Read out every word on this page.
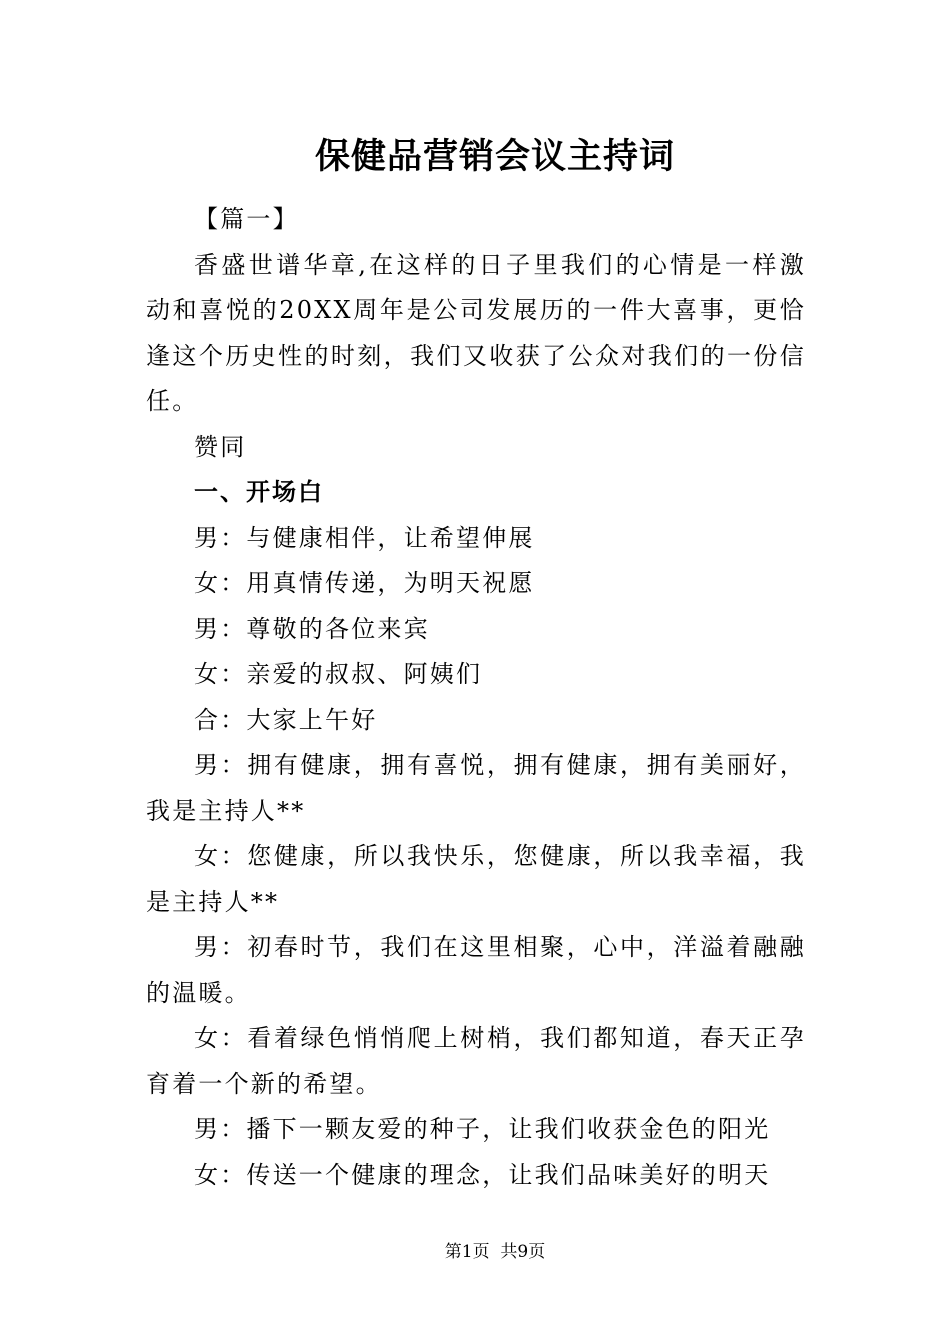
保健品营销会议主持词

【篇一】

香盛世谱华章,在这样的日子里我们的心情是一样激动和喜悦的20XX周年是公司发展历的一件大喜事，更恰逢这个历史性的时刻，我们又收获了公众对我们的一份信任。

赞同

一、开场白

男：与健康相伴，让希望伸展

女：用真情传递，为明天祝愿

男：尊敬的各位来宾

女：亲爱的叔叔、阿姨们

合：大家上午好

男：拥有健康，拥有喜悦，拥有健康，拥有美丽好，我是主持人**

女：您健康，所以我快乐，您健康，所以我幸福，我是主持人**

男：初春时节，我们在这里相聚，心中，洋溢着融融的温暖。

女：看着绿色悄悄爬上树梢，我们都知道，春天正孕育着一个新的希望。

男：播下一颗友爱的种子，让我们收获金色的阳光

女：传送一个健康的理念，让我们品味美好的明天

第1页 共9页
